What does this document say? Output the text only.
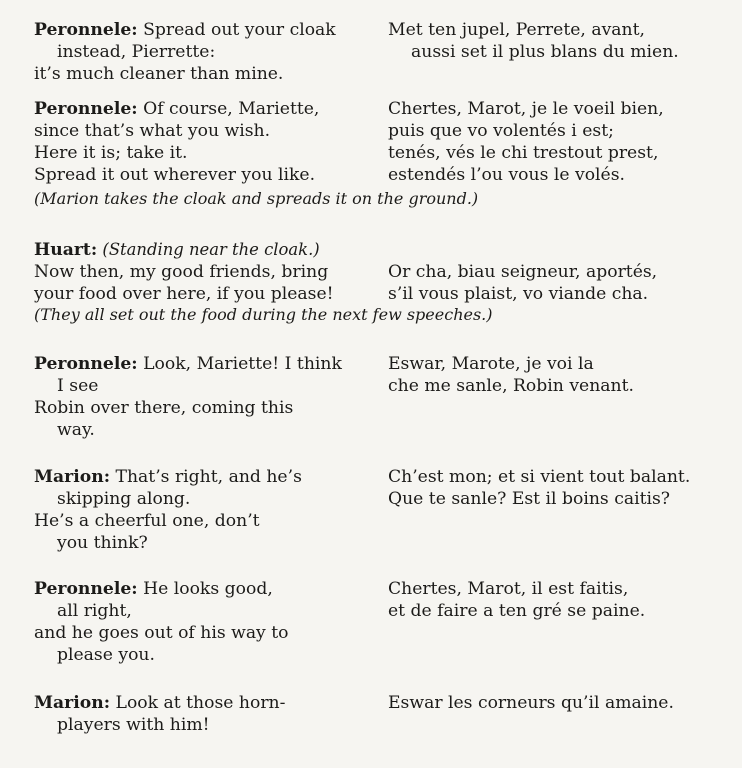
Peronnele: Spread out your cloak
instead, Pierrette:
it’s much cleaner than mine.
Met ten jupel, Perrete, avant,
aussi set il plus blans du mien.
Peronnele: Of course, Mariette,
since that’s what you wish.
Here it is; take it.
Spread it out wherever you like.
Chertes, Marot, je le voeil bien,
puis que vo volentés i est;
tenés, vés le chi trestout prest,
estendés l’ou vous le volés.
(Marion takes the cloak and spreads it on the ground.)
Huart: (Standing near the cloak.)
Now then, my good friends, bring
your food over here, if you please!

Or cha, biau seigneur, aportés,
s’il vous plaist, vo viande cha.
(They all set out the food during the next few speeches.)
Peronnele: Look, Mariette! I think
I see
Robin over there, coming this
way.
Eswar, Marote, je voi la
che me sanle, Robin venant.
Marion: That’s right, and he’s
skipping along.
He’s a cheerful one, don’t
you think?
Ch’est mon; et si vient tout balant.
Que te sanle? Est il boins caitis?
Peronnele: He looks good,
all right,
and he goes out of his way to
please you.
Chertes, Marot, il est faitis,
et de faire a ten gré se paine.
Marion: Look at those horn-
players with him!
Eswar les corneurs qu’il amaine.
